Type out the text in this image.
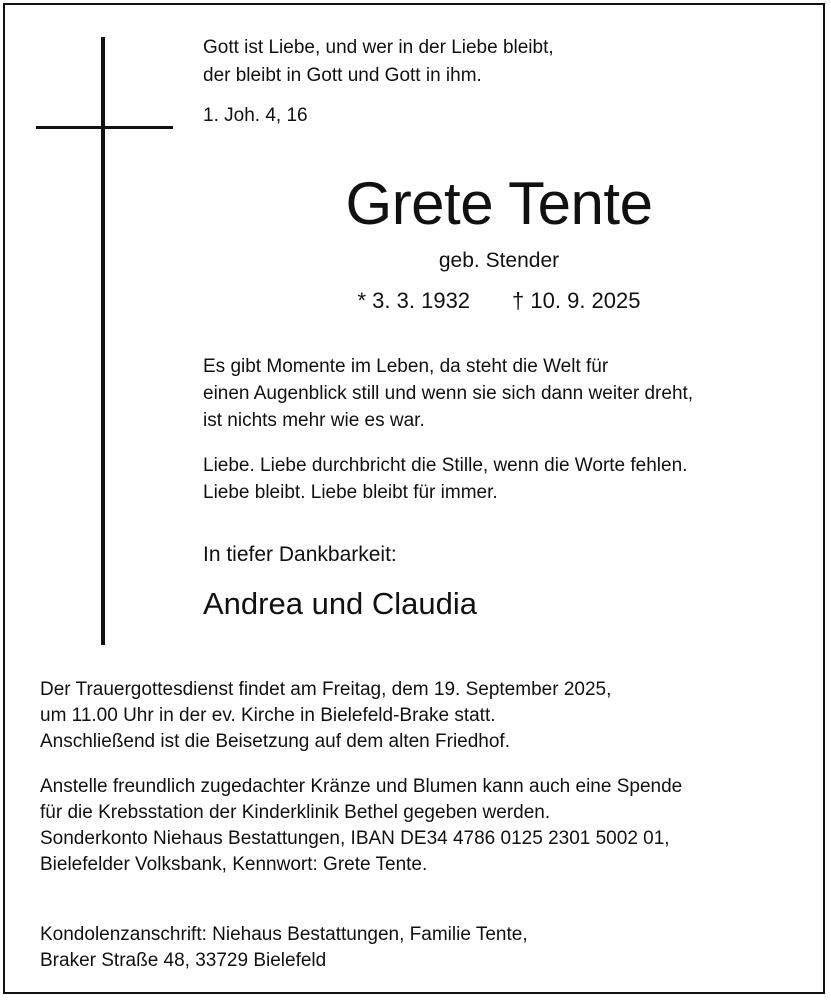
Gott ist Liebe, und wer in der Liebe bleibt,
der bleibt in Gott und Gott in ihm.
1. Joh. 4, 16
Grete Tente
geb. Stender
* 3. 3. 1932 † 10. 9. 2025
Es gibt Momente im Leben, da steht die Welt für
einen Augenblick still und wenn sie sich dann weiter dreht,
ist nichts mehr wie es war.
Liebe. Liebe durchbricht die Stille, wenn die Worte fehlen.
Liebe bleibt. Liebe bleibt für immer.
In tiefer Dankbarkeit:
Andrea und Claudia
Der Trauergottesdienst findet am Freitag, dem 19. September 2025,
um 11.00 Uhr in der ev. Kirche in Bielefeld-Brake statt.
Anschließend ist die Beisetzung auf dem alten Friedhof.
Anstelle freundlich zugedachter Kränze und Blumen kann auch eine Spende
für die Krebsstation der Kinderklinik Bethel gegeben werden.
Sonderkonto Niehaus Bestattungen, IBAN DE34 4786 0125 2301 5002 01,
Bielefelder Volksbank, Kennwort: Grete Tente.
Kondolenzanschrift: Niehaus Bestattungen, Familie Tente,
Braker Straße 48, 33729 Bielefeld
